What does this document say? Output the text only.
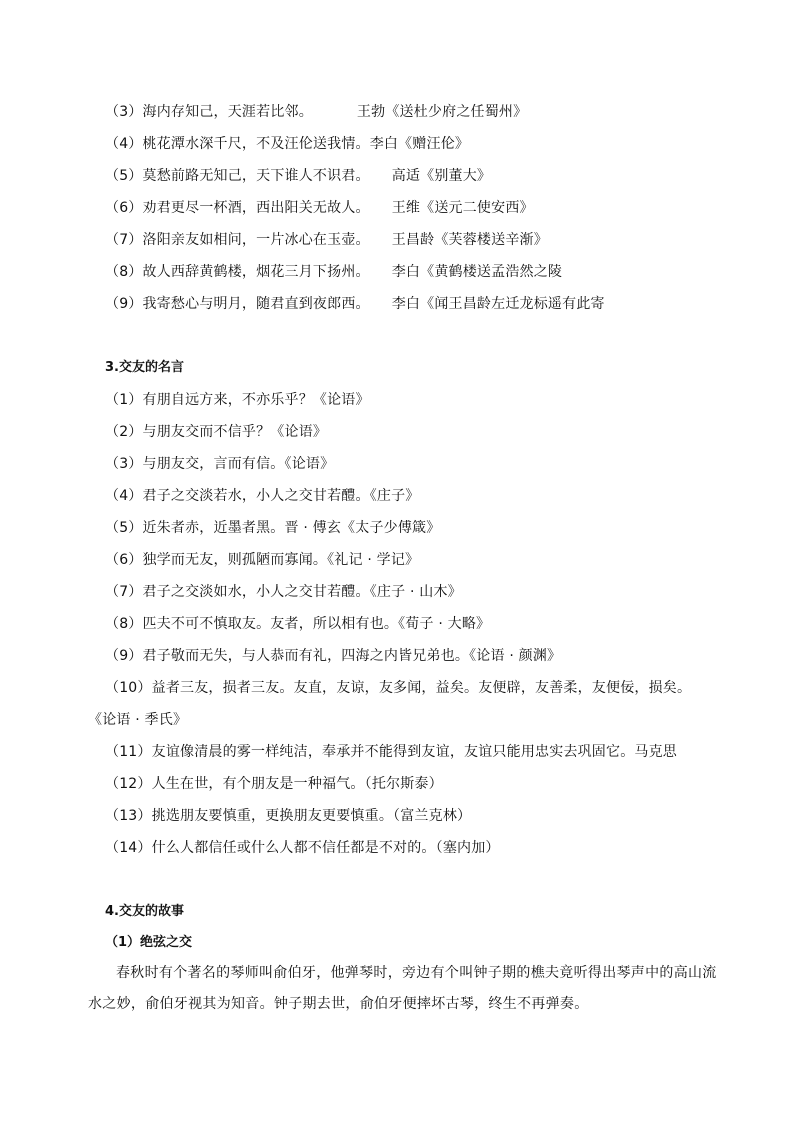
（3）海内存知己，天涯若比邻。	王勃《送杜少府之任蜀州》
（4）桃花潭水深千尺，不及汪伦送我情。李白《赠汪伦》
（5）莫愁前路无知己，天下谁人不识君。 高适《别董大》
（6）劝君更尽一杯酒，西出阳关无故人。 王维《送元二使安西》
（7）洛阳亲友如相问，一片冰心在玉壶。 王昌龄《芙蓉楼送辛渐》
（8）故人西辞黄鹤楼，烟花三月下扬州。 李白《黄鹤楼送孟浩然之陵
（9）我寄愁心与明月，随君直到夜郎西。 李白《闻王昌龄左迁龙标遥有此寄
3.交友的名言
（1）有朋自远方来，不亦乐乎？《论语》
（2）与朋友交而不信乎？《论语》
（3）与朋友交，言而有信。《论语》
（4）君子之交淡若水，小人之交甘若醴。《庄子》
（5）近朱者赤，近墨者黑。晋 · 傅玄《太子少傅箴》
（6）独学而无友，则孤陋而寡闻。《礼记 · 学记》
（7）君子之交淡如水，小人之交甘若醴。《庄子 · 山木》
（8）匹夫不可不慎取友。友者，所以相有也。《荀子 · 大略》
（9）君子敬而无失，与人恭而有礼，四海之内皆兄弟也。《论语 · 颜渊》
（10）益者三友，损者三友。友直，友谅，友多闻，益矣。友便辟，友善柔，友便佞，损矣。
《论语 · 季氏》
（11）友谊像清晨的雾一样纯洁，奉承并不能得到友谊，友谊只能用忠实去巩固它。马克思
（12）人生在世，有个朋友是一种福气。（托尔斯泰）
（13）挑选朋友要慎重，更换朋友更要慎重。（富兰克林）
（14）什么人都信任或什么人都不信任都是不对的。（塞内加）
4.交友的故事
（1）绝弦之交
春秋时有个著名的琴师叫俞伯牙，他弹琴时，旁边有个叫钟子期的樵夫竟听得出琴声中的高山流水之妙，俞伯牙视其为知音。钟子期去世，俞伯牙便摔坏古琴，终生不再弹奏。
